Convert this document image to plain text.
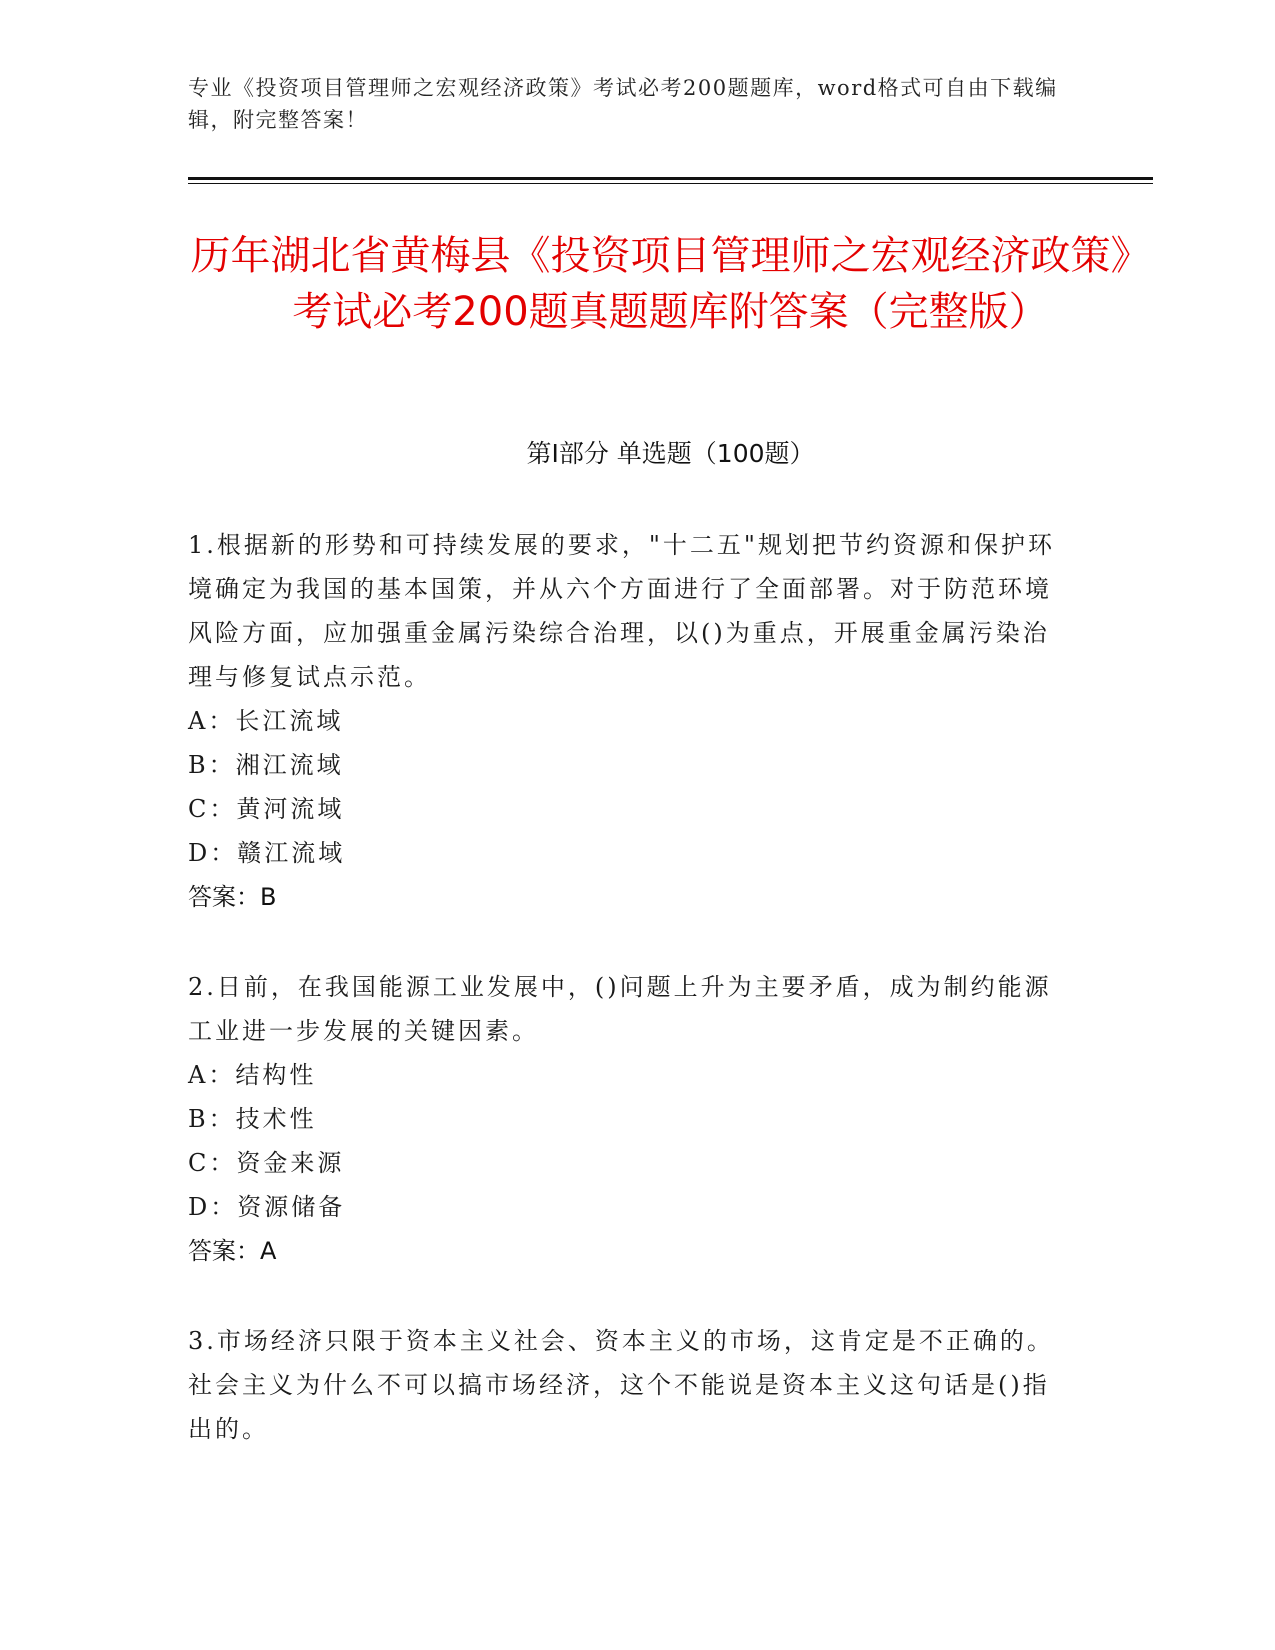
专业《投资项目管理师之宏观经济政策》考试必考200题题库，word格式可自由下载编辑，附完整答案！
历年湖北省黄梅县《投资项目管理师之宏观经济政策》考试必考200题真题题库附答案（完整版）
第I部分 单选题（100题）
1.根据新的形势和可持续发展的要求，"十二五"规划把节约资源和保护环境确定为我国的基本国策，并从六个方面进行了全面部署。对于防范环境风险方面，应加强重金属污染综合治理，以()为重点，开展重金属污染治理与修复试点示范。
A：长江流域
B：湘江流域
C：黄河流域
D：赣江流域
答案：B
2.日前，在我国能源工业发展中，()问题上升为主要矛盾，成为制约能源工业进一步发展的关键因素。
A：结构性
B：技术性
C：资金来源
D：资源储备
答案：A
3.市场经济只限于资本主义社会、资本主义的市场，这肯定是不正确的。社会主义为什么不可以搞市场经济，这个不能说是资本主义这句话是()指出的。
